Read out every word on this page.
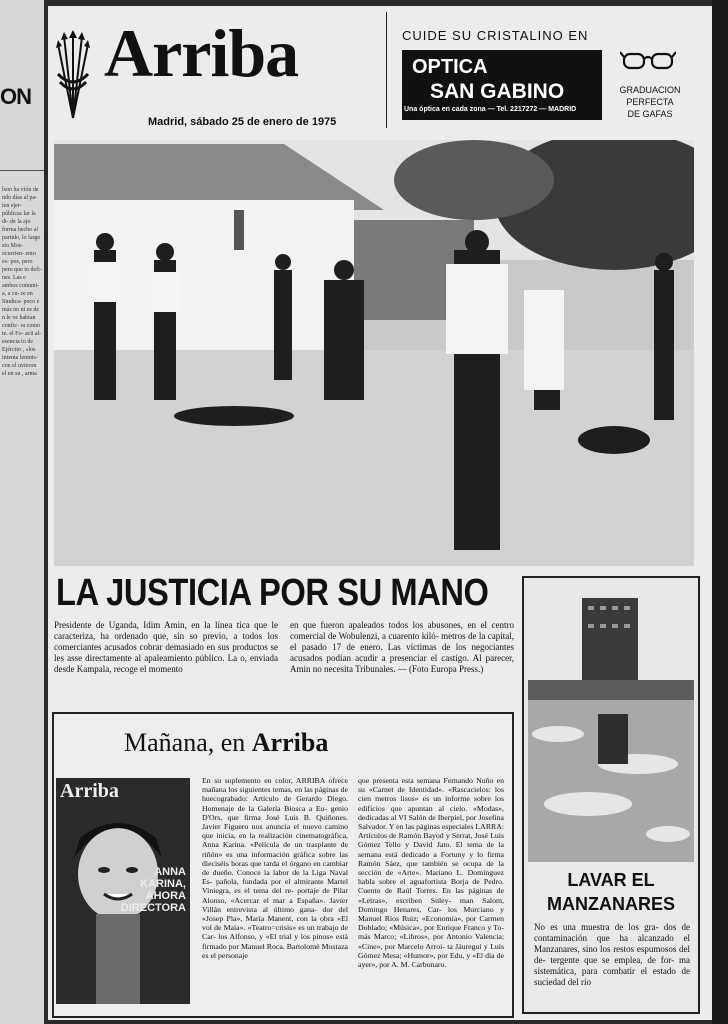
ON
lson ha vión de ndo días al pa- ien ejer- públicas lar la di- de la ajo forma hecho al partido, lo largo sto Mos- ocurrien- ento es- pos, pero pero que to defi- nes. Las e ambos comuni- a, a cu- re en Sindica- poco e más no ni es de n le ve habían confic- ra como te. el Fo- acü al- esencia to de Ejército , «los intenta leninis- con el uvieron el en su , arma
Arriba
Madrid, sábado 25 de enero de 1975
CUIDE SU CRISTALINO EN
OPTICA
SAN GABINO
Una óptica en cada zona — Tel. 2217272 — MADRID
GRADUACION
PERFECTA
DE GAFAS
LA JUSTICIA POR SU MANO
Presidente de Uganda, Idim Amin, en la línea tica que le caracteriza, ha ordenado que, sin so previo, a todos los comerciantes acusados cobrar demasiado en sus productos se les asse directamente al apaleamiento público. La o, enviada desde Kampala, recoge el momento
en que fueron apaleados todos los abusones, en el centro comercial de Wobulenzi, a cuarento kiló- metros de la capital, el pasado 17 de enero. Las víctimas de los negociantes acusados podían acudir a presenciar el castigo. Al parecer, Amin no necesita Tribunales. — (Foto Europa Press.)
LAVAR EL
MANZANARES
No es una muestra de los gra- dos de contaminación que ha alcanzado el Manzanares, sino los restos espumosos del de- tergente que se emplea, de for- ma sistemática, para combatir el estado de suciedad del río
Mañana, en Arriba
Arriba
ANNA KARINA, AHORA DIRECTORA
En su suplemento en color, ARRIBA ofrece mañana los siguientes temas, en las páginas de huecograbado: Artículo de Gerardo Diego. Homenaje de la Galería Biosca a Eu- genio D'Ors, que firma José Luis B. Quiñones. Javier Figuero nos anuncia el nuevo camino que inicia, en la realización cinematográfica, Anna Karina. «Película de un trasplante de riñón» es una información gráfica sobre las dieciséis horas que tarda el órgano en cambiar de dueño. Conoce la labor de la Liga Naval Es- pañola, fundada por el almirante Martel Viniegra, es el tema del re- portaje de Pilar Alonso, «Acercar el mar a España». Javier Villán entrevista al último gana- dor del «Josep Pla», María Manent, con la obra «El vol de Maia». «Teatro=crisis» es un trabajo de Car- los Alfonso, y «El trial y los pinos» está firmado por Manuel Roca. Bartolomé Mostaza es el personaje
que presenta esta semana Fernando Nuño en su «Carnet de Identidad». «Rascacielos: los cien metros lisos» es un informe sobre los edificios que apuntan al cielo. «Modas», dedicadas al VI Salón de Iberpiel, por Josefina Salvador. Y en las páginas especiales LARRA: Artículos de Ramón Bayod y Serrat, José Luis Gómez Tello y David Jato. El tema de la semana está dedicado a Fortuny y lo firma Ramón Sáez, que también se ocupa de la sección de «Arte». Mariano L. Domínguez habla sobre el aguafortista Borja de Pedro. Cuento de Raúl Torres. En las páginas de «Letras», escriben Suley- man Salom, Domingo Henares, Car- los Murciano y Manuel Ríos Ruiz; «Economía», por Carmen Doblado; «Música», por Enrique Franco y To- más Marco; «Libros», por Antonio Valencia; «Cine», por Marcelo Arroi- ta Jáuregui y Luis Gómez Mesa; «Humor», por Edu, y «El día de ayer», por A. M. Carbonaro.
